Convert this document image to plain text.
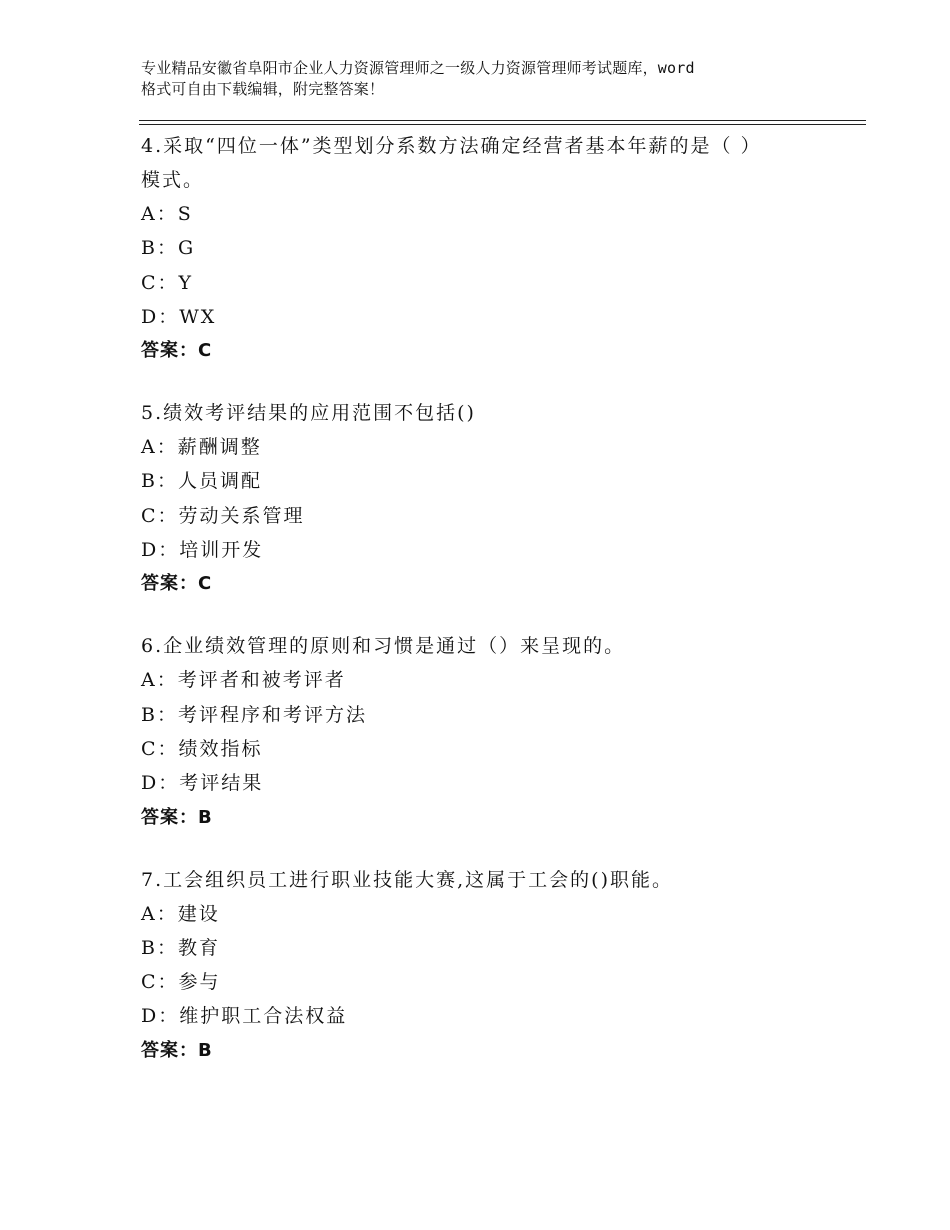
专业精品安徽省阜阳市企业人力资源管理师之一级人力资源管理师考试题库，word
格式可自由下载编辑，附完整答案！
4.采取“四位一体”类型划分系数方法确定经营者基本年薪的是（ ）
模式。
A：S
B：G
C：Y
D：WX
答案：C
5.绩效考评结果的应用范围不包括()
A：薪酬调整
B：人员调配
C：劳动关系管理
D：培训开发
答案：C
6.企业绩效管理的原则和习惯是通过（）来呈现的。
A：考评者和被考评者
B：考评程序和考评方法
C：绩效指标
D：考评结果
答案：B
7.工会组织员工进行职业技能大赛,这属于工会的()职能。
A：建设
B：教育
C：参与
D：维护职工合法权益
答案：B
